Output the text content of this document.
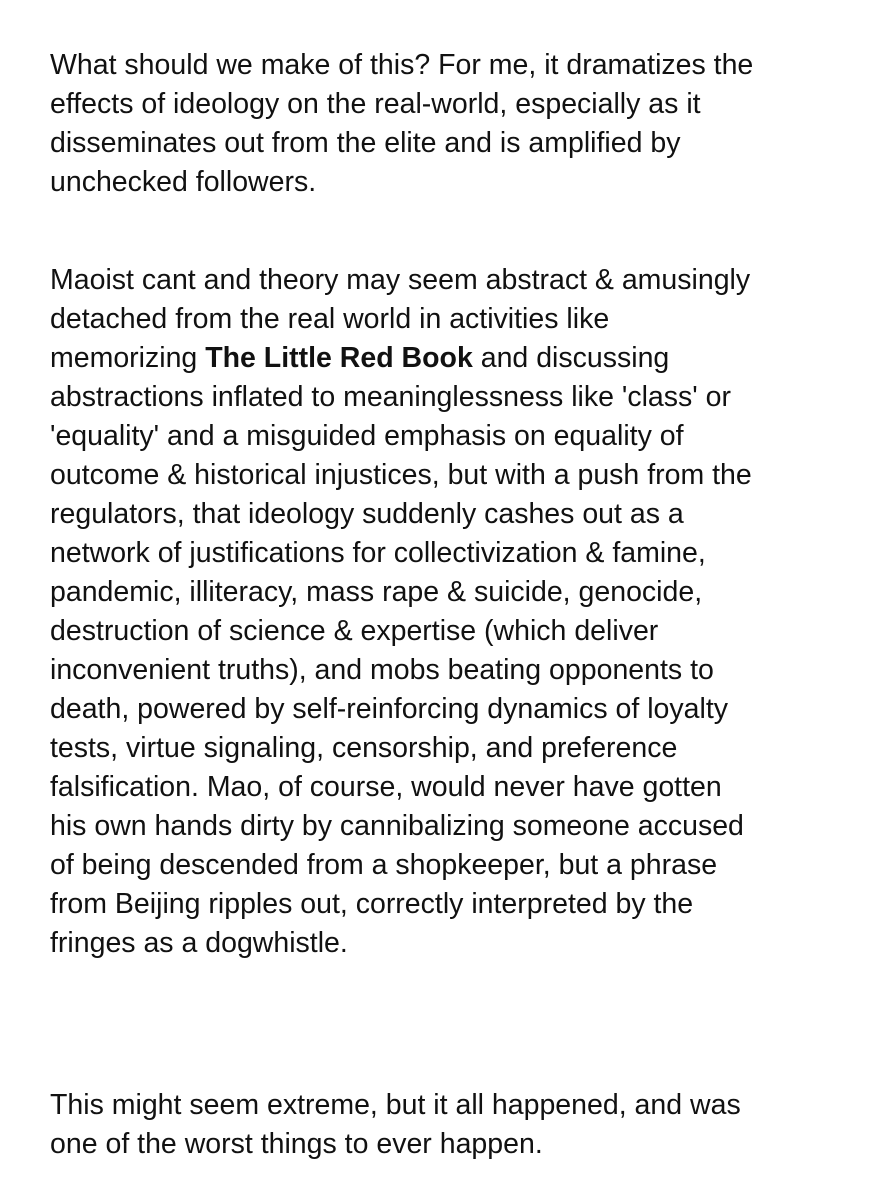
What should we make of this? For me, it dramatizes the
effects of ideology on the real-world, especially as it
disseminates out from the elite and is amplified by
unchecked followers.

Maoist cant and theory may seem abstract & amusingly
detached from the real world in activities like
memorizing The Little Red Book and discussing
abstractions inflated to meaninglessness like 'class' or
'equality' and a misguided emphasis on equality of
outcome & historical injustices, but with a push from the
regulators, that ideology suddenly cashes out as a
network of justifications for collectivization & famine,
pandemic, illiteracy, mass rape & suicide, genocide,
destruction of science & expertise (which deliver
inconvenient truths), and mobs beating opponents to
death, powered by self-reinforcing dynamics of loyalty
tests, virtue signaling, censorship, and preference
falsification. Mao, of course, would never have gotten
his own hands dirty by cannibalizing someone accused
of being descended from a shopkeeper, but a phrase
from Beijing ripples out, correctly interpreted by the
fringes as a dogwhistle.

This might seem extreme, but it all happened, and was
one of the worst things to ever happen.
